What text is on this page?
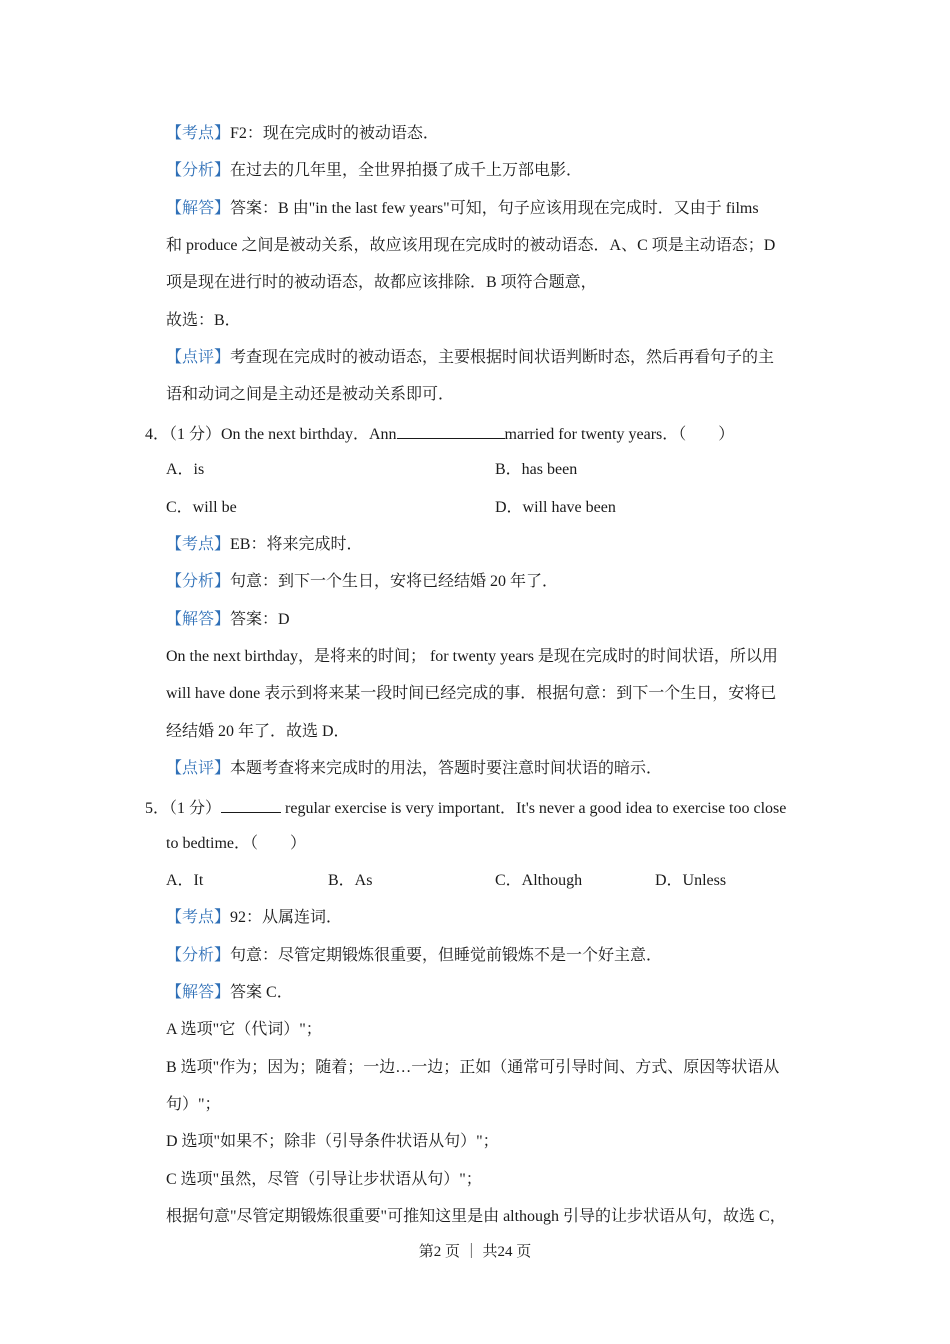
【考点】F2：现在完成时的被动语态．
【分析】在过去的几年里，全世界拍摄了成千上万部电影．
【解答】答案：B 由"in the last few years"可知，句子应该用现在完成时．又由于 films
和 produce 之间是被动关系，故应该用现在完成时的被动语态．A、C 项是主动语态；D
项是现在进行时的被动语态，故都应该排除．B 项符合题意，
故选：B．
【点评】考查现在完成时的被动语态，主要根据时间状语判断时态，然后再看句子的主
语和动词之间是主动还是被动关系即可．
4．（1 分）On the next birthday．Ann	married for twenty years．（　　）
A．is	B．has been
C．will be	D．will have been
【考点】EB：将来完成时．
【分析】句意：到下一个生日，安将已经结婚 20 年了．
【解答】答案：D
On the next birthday，是将来的时间； for twenty years 是现在完成时的时间状语，所以用
will have done 表示到将来某一段时间已经完成的事．根据句意：到下一个生日，安将已
经结婚 20 年了．故选 D．
【点评】本题考查将来完成时的用法，答题时要注意时间状语的暗示．
5．（1 分）	regular exercise is very important．It's never a good idea to exercise too close
to bedtime．（　　）
A．It	B．As	C．Although	D．Unless
【考点】92：从属连词．
【分析】句意：尽管定期锻炼很重要，但睡觉前锻炼不是一个好主意．
【解答】答案 C．
A 选项"它（代词）"；
B 选项"作为；因为；随着；一边…一边；正如（通常可引导时间、方式、原因等状语从
句）"；
D 选项"如果不；除非（引导条件状语从句）"；
C 选项"虽然，尽管（引导让步状语从句）"；
根据句意"尽管定期锻炼很重要"可推知这里是由 although 引导的让步状语从句，故选 C，
第2 页 ｜ 共24 页
